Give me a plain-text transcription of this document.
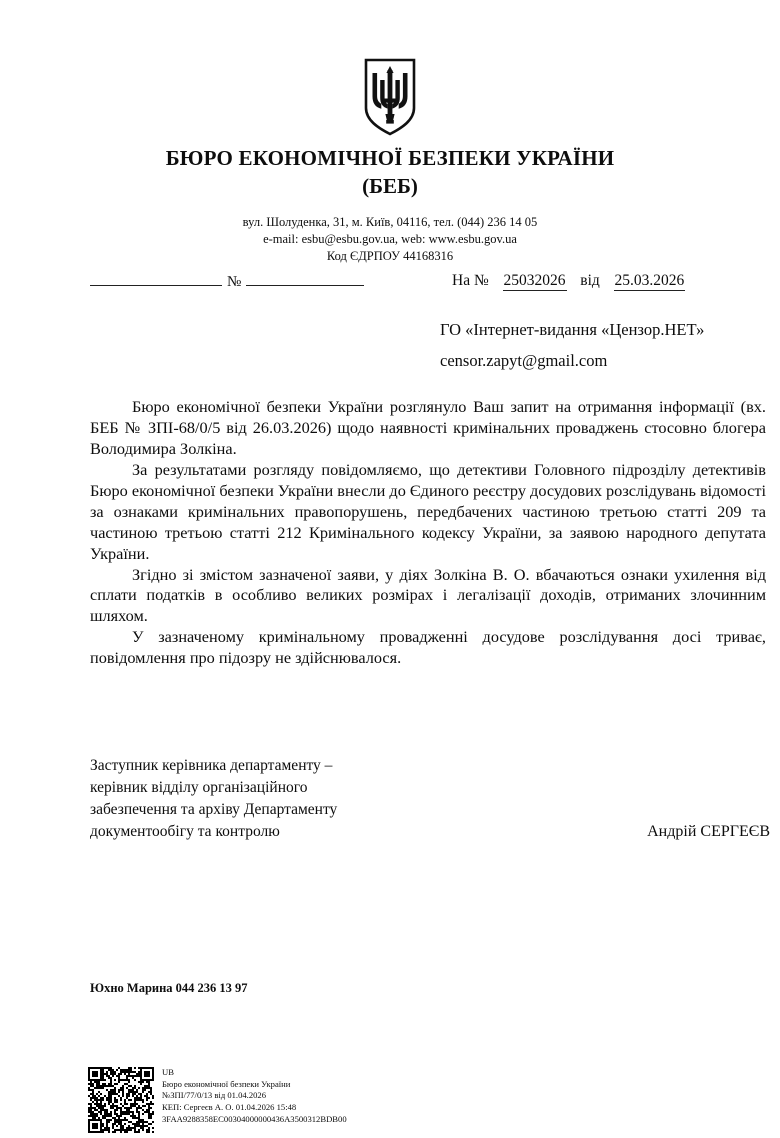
БЮРО ЕКОНОМІЧНОЇ БЕЗПЕКИ УКРАЇНИ
(БЕБ)
вул. Шолуденка, 31, м. Київ, 04116, тел. (044) 236 14 05
e-mail: esbu@esbu.gov.ua, web: www.esbu.gov.ua
Код ЄДРПОУ 44168316
№	На № 25032026 від 25.03.2026
ГО «Інтернет-видання «Цензор.НЕТ»
censor.zapyt@gmail.com

Бюро економічної безпеки України розглянуло Ваш запит на отримання інформації (вх. БЕБ № ЗПІ-68/0/5 від 26.03.2026) щодо наявності кримінальних проваджень стосовно блогера Володимира Золкіна.

За результатами розгляду повідомляємо, що детективи Головного підрозділу детективів Бюро економічної безпеки України внесли до Єдиного реєстру досудових розслідувань відомості за ознаками кримінальних правопорушень, передбачених частиною третьою статті 209 та частиною третьою статті 212 Кримінального кодексу України, за заявою народного депутата України.

Згідно зі змістом зазначеної заяви, у діях Золкіна В. О. вбачаються ознаки ухилення від сплати податків в особливо великих розмірах і легалізації доходів, отриманих злочинним шляхом.

У зазначеному кримінальному провадженні досудове розслідування досі триває, повідомлення про підозру не здійснювалося.

Заступник керівника департаменту –
керівник відділу організаційного
забезпечення та архіву Департаменту
документообігу та контролю	Андрій СЕРГЕЄВ
Юхно Марина 044 236 13 97
UB
Бюро економічної безпеки України
№ЗПІ/77/0/13 від 01.04.2026
КЕП: Сергеєв А. О. 01.04.2026 15:48
3FAA9288358EC00304000000436A3500312BDB00
